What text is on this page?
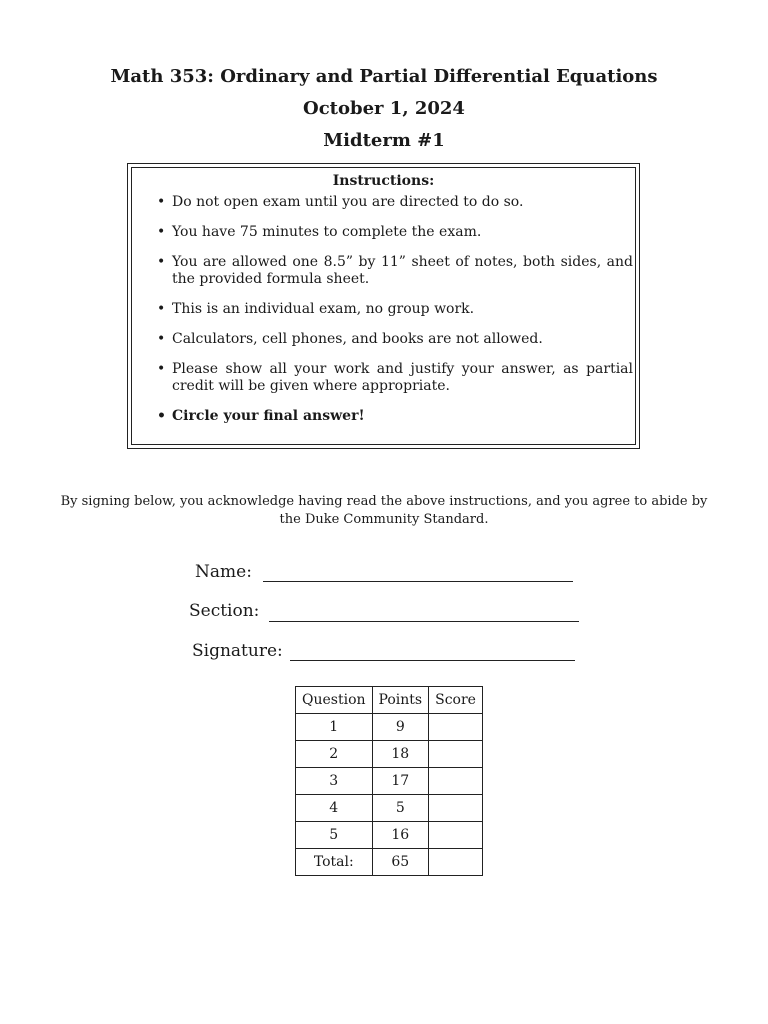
Math 353: Ordinary and Partial Differential Equations
October 1, 2024
Midterm #1
Instructions:
• Do not open exam until you are directed to do so.
• You have 75 minutes to complete the exam.
• You are allowed one 8.5” by 11” sheet of notes, both sides, and the provided formula sheet.
• This is an individual exam, no group work.
• Calculators, cell phones, and books are not allowed.
• Please show all your work and justify your answer, as partial credit will be given where appropriate.
• Circle your final answer!
By signing below, you acknowledge having read the above instructions, and you agree to abide by the Duke Community Standard.
Name:
Section:
Signature:
Question	Points	Score
1	9	
2	18	
3	17	
4	5	
5	16	
Total:	65	
